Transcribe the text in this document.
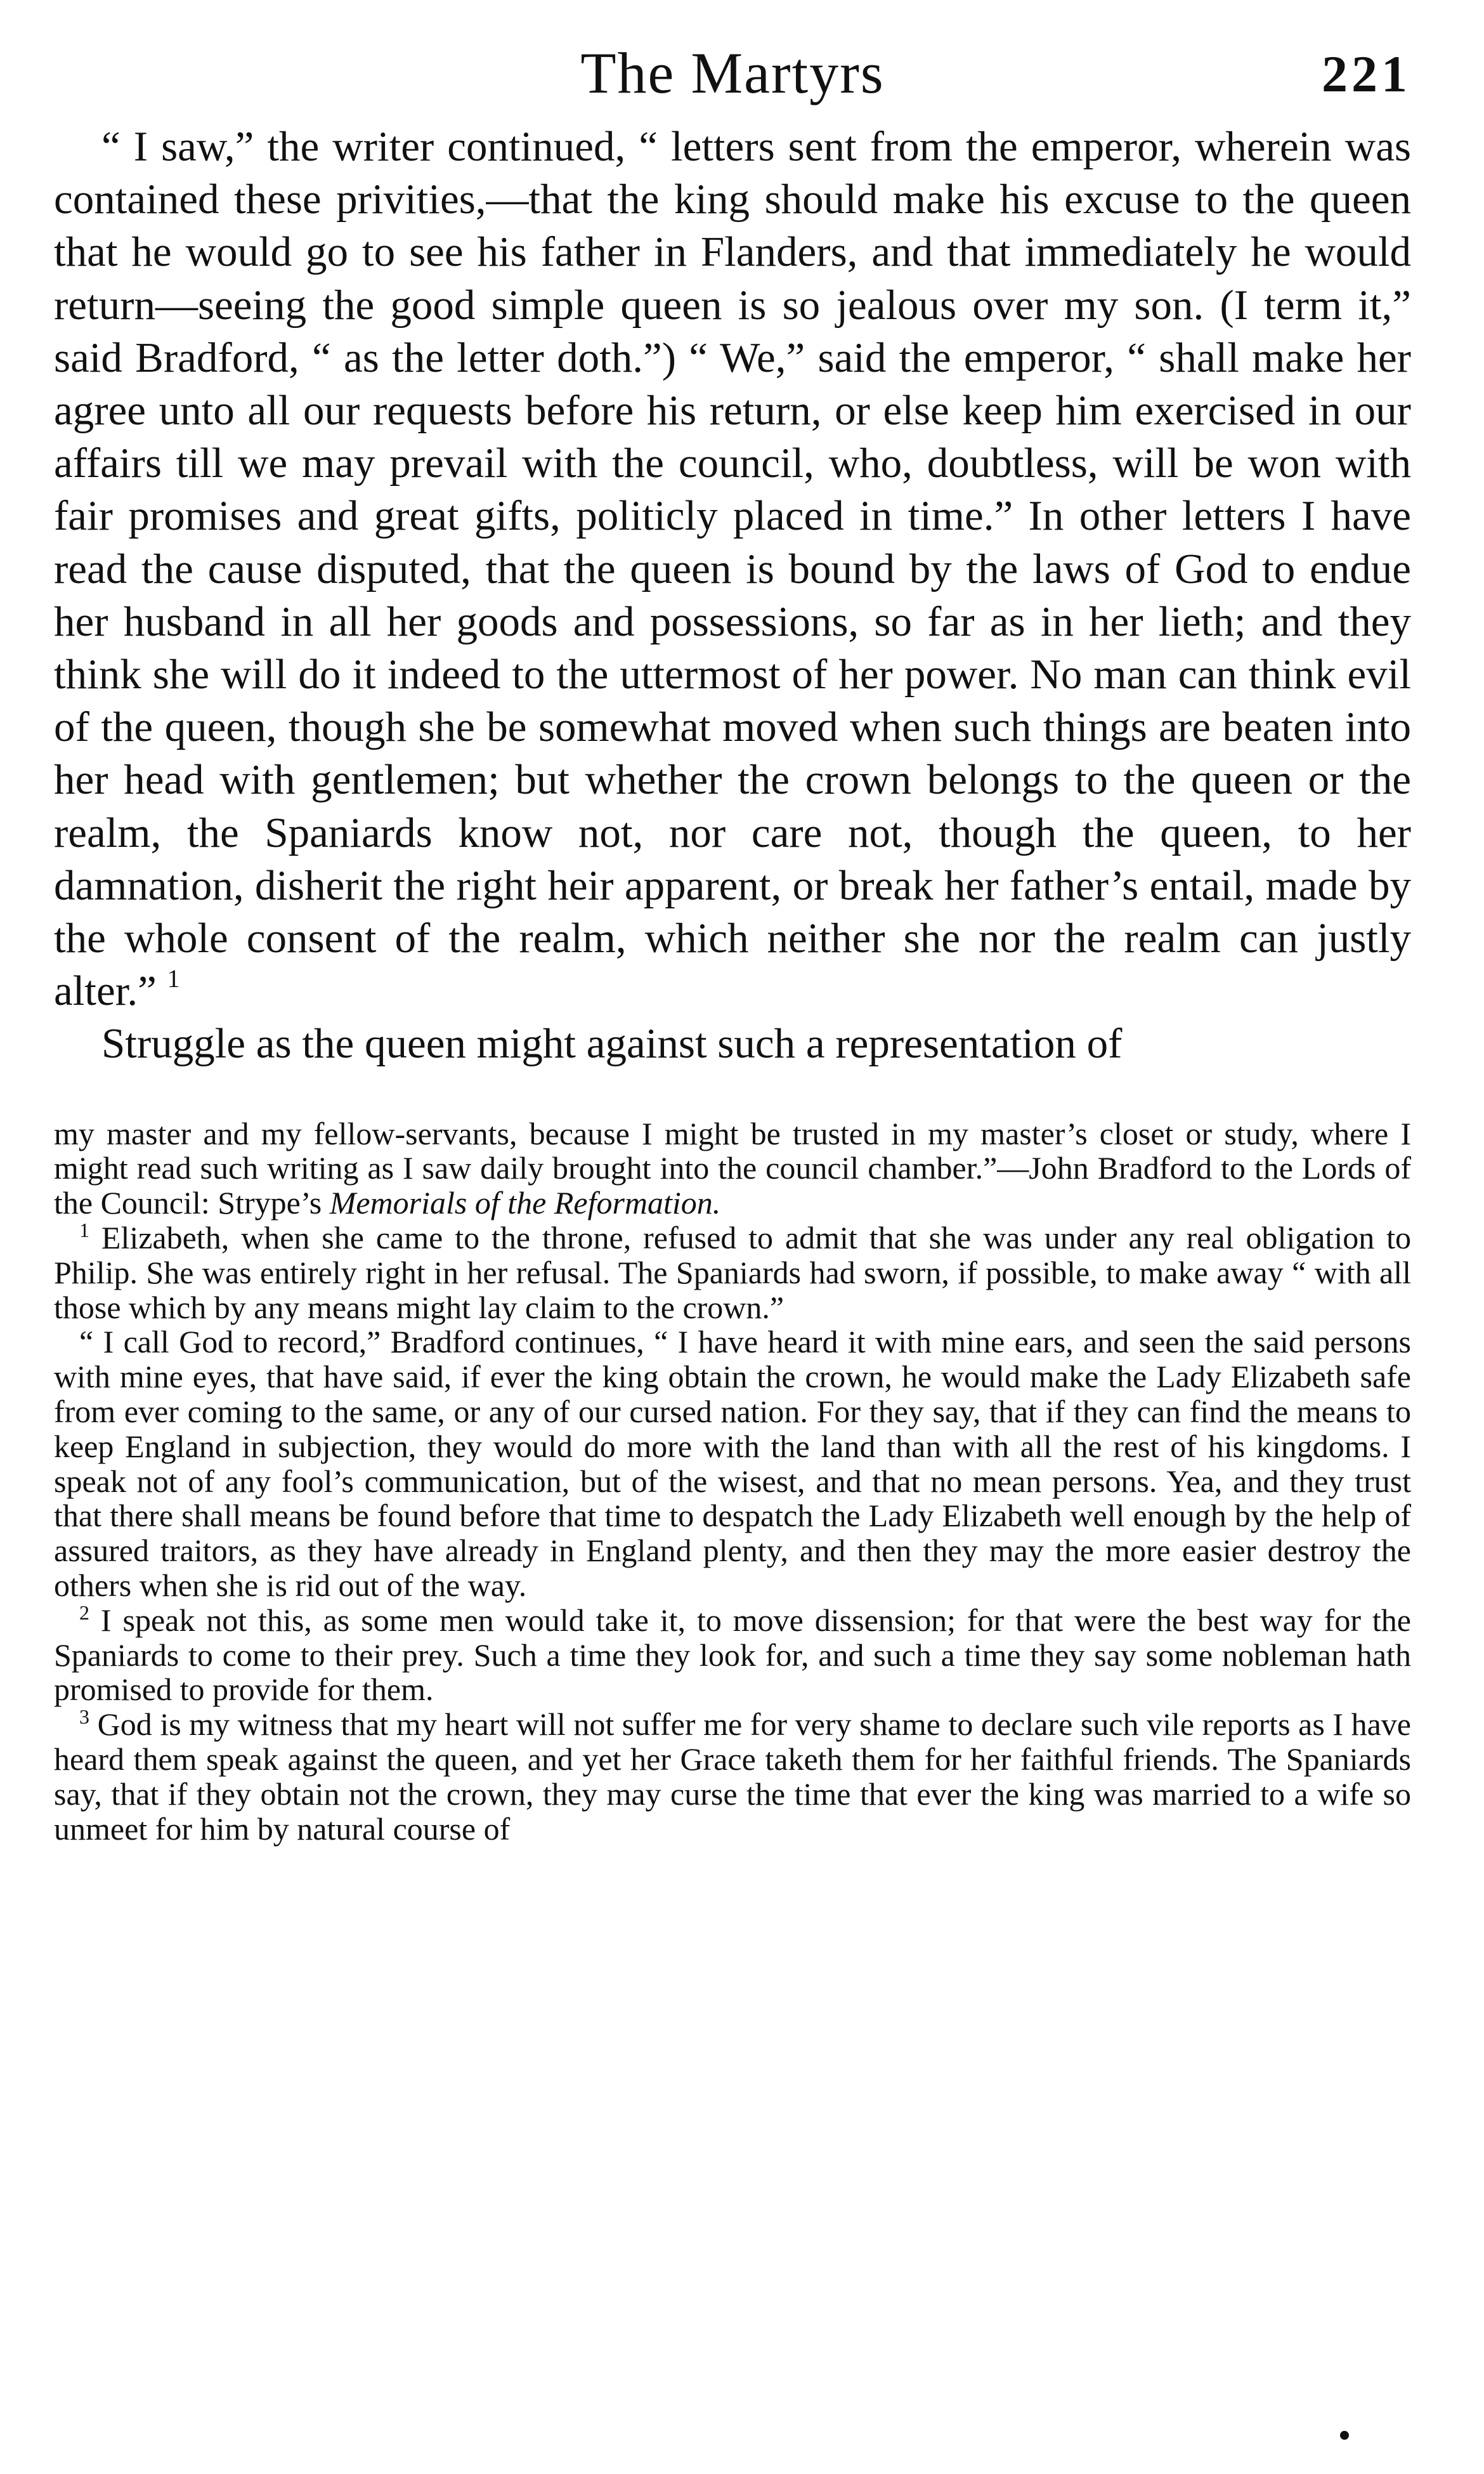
The Martyrs	221

“ I saw,” the writer continued, “ letters sent from the emperor, wherein was contained these privities,—that the king should make his excuse to the queen that he would go to see his father in Flanders, and that immediately he would return—seeing the good simple queen is so jealous over my son. (I term it,” said Bradford, “ as the letter doth.”) “ We,” said the emperor, “ shall make her agree unto all our requests before his return, or else keep him exercised in our affairs till we may prevail with the council, who, doubtless, will be won with fair promises and great gifts, politicly placed in time.” In other letters I have read the cause disputed, that the queen is bound by the laws of God to endue her husband in all her goods and possessions, so far as in her lieth; and they think she will do it indeed to the uttermost of her power. No man can think evil of the queen, though she be somewhat moved when such things are beaten into her head with gentlemen; but whether the crown belongs to the queen or the realm, the Spaniards know not, nor care not, though the queen, to her damnation, disherit the right heir apparent, or break her father’s entail, made by the whole consent of the realm, which neither she nor the realm can justly alter.” $^1$

Struggle as the queen might against such a representation of

my master and my fellow-servants, because I might be trusted in my master’s closet or study, where I might read such writing as I saw daily brought into the council chamber.”—John Bradford to the Lords of the Council: Strype’s Memorials of the Reformation.

$^1$ Elizabeth, when she came to the throne, refused to admit that she was under any real obligation to Philip. She was entirely right in her refusal. The Spaniards had sworn, if possible, to make away “ with all those which by any means might lay claim to the crown.”

“ I call God to record,” Bradford continues, “ I have heard it with mine ears, and seen the said persons with mine eyes, that have said, if ever the king obtain the crown, he would make the Lady Elizabeth safe from ever coming to the same, or any of our cursed nation. For they say, that if they can find the means to keep England in subjection, they would do more with the land than with all the rest of his kingdoms. I speak not of any fool’s communication, but of the wisest, and that no mean persons. Yea, and they trust that there shall means be found before that time to despatch the Lady Elizabeth well enough by the help of assured traitors, as they have already in England plenty, and then they may the more easier destroy the others when she is rid out of the way.

$^2$ I speak not this, as some men would take it, to move dissension; for that were the best way for the Spaniards to come to their prey. Such a time they look for, and such a time they say some nobleman hath promised to provide for them.

$^3$ God is my witness that my heart will not suffer me for very shame to declare such vile reports as I have heard them speak against the queen, and yet her Grace taketh them for her faithful friends. The Spaniards say, that if they obtain not the crown, they may curse the time that ever the king was married to a wife so unmeet for him by natural course of
